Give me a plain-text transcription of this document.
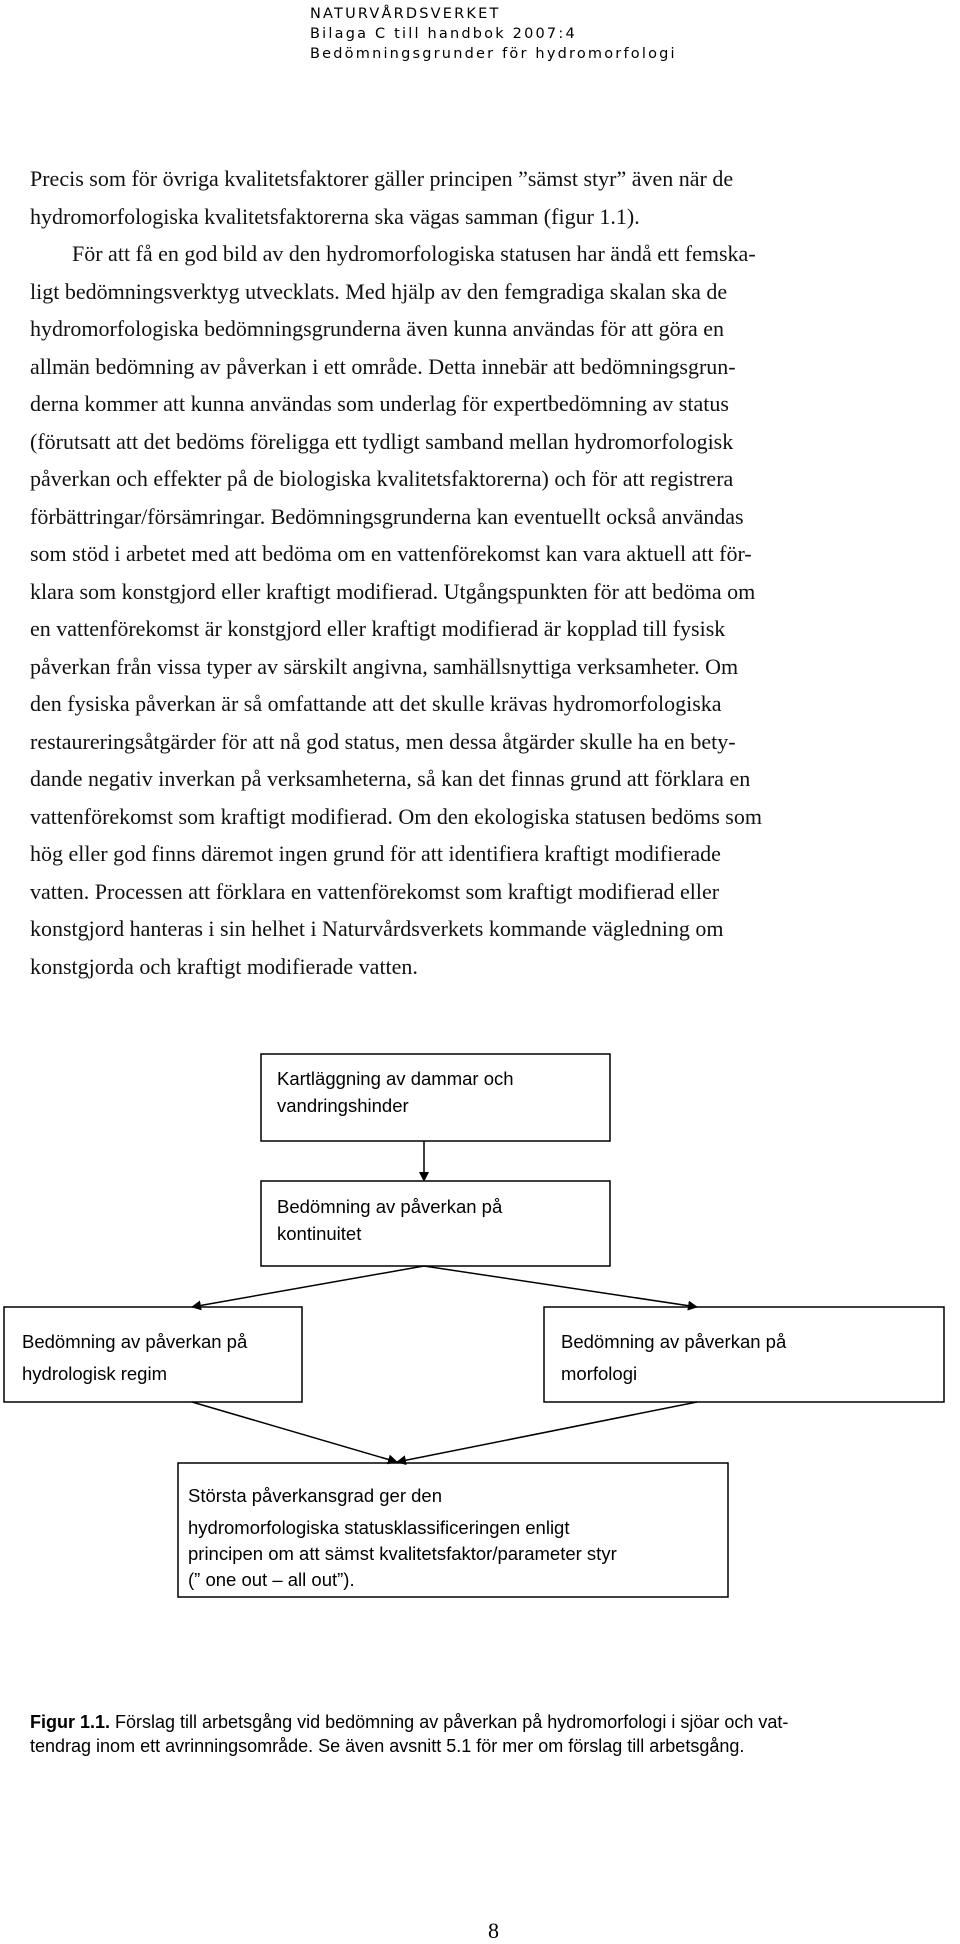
NATURVÅRDSVERKET
Bilaga C till handbok 2007:4
Bedömningsgrunder för hydromorfologi
Precis som för övriga kvalitetsfaktorer gäller principen ”sämst styr” även när de
hydromorfologiska kvalitetsfaktorerna ska vägas samman (figur 1.1).
För att få en god bild av den hydromorfologiska statusen har ändå ett femska-
ligt bedömningsverktyg utvecklats. Med hjälp av den femgradiga skalan ska de
hydromorfologiska bedömningsgrunderna även kunna användas för att göra en
allmän bedömning av påverkan i ett område. Detta innebär att bedömningsgrun-
derna kommer att kunna användas som underlag för expertbedömning av status
(förutsatt att det bedöms föreligga ett tydligt samband mellan hydromorfologisk
påverkan och effekter på de biologiska kvalitetsfaktorerna) och för att registrera
förbättringar/försämringar. Bedömningsgrunderna kan eventuellt också användas
som stöd i arbetet med att bedöma om en vattenförekomst kan vara aktuell att för-
klara som konstgjord eller kraftigt modifierad. Utgångspunkten för att bedöma om
en vattenförekomst är konstgjord eller kraftigt modifierad är kopplad till fysisk
påverkan från vissa typer av särskilt angivna, samhällsnyttiga verksamheter. Om
den fysiska påverkan är så omfattande att det skulle krävas hydromorfologiska
restaureringsåtgärder för att nå god status, men dessa åtgärder skulle ha en bety-
dande negativ inverkan på verksamheterna, så kan det finnas grund att förklara en
vattenförekomst som kraftigt modifierad. Om den ekologiska statusen bedöms som
hög eller god finns däremot ingen grund för att identifiera kraftigt modifierade
vatten. Processen att förklara en vattenförekomst som kraftigt modifierad eller
konstgjord hanteras i sin helhet i Naturvårdsverkets kommande vägledning om
konstgjorda och kraftigt modifierade vatten.
Kartläggning av dammar och
vandringshinder
Bedömning av påverkan på
kontinuitet
Bedömning av påverkan på
hydrologisk regim
Bedömning av påverkan på
morfologi
Största påverkansgrad ger den
hydromorfologiska statusklassificeringen enligt
principen om att sämst kvalitetsfaktor/parameter styr
(” one out – all out”).
Figur 1.1. Förslag till arbetsgång vid bedömning av påverkan på hydromorfologi i sjöar och vat-
tendrag inom ett avrinningsområde. Se även avsnitt 5.1 för mer om förslag till arbetsgång.
8
